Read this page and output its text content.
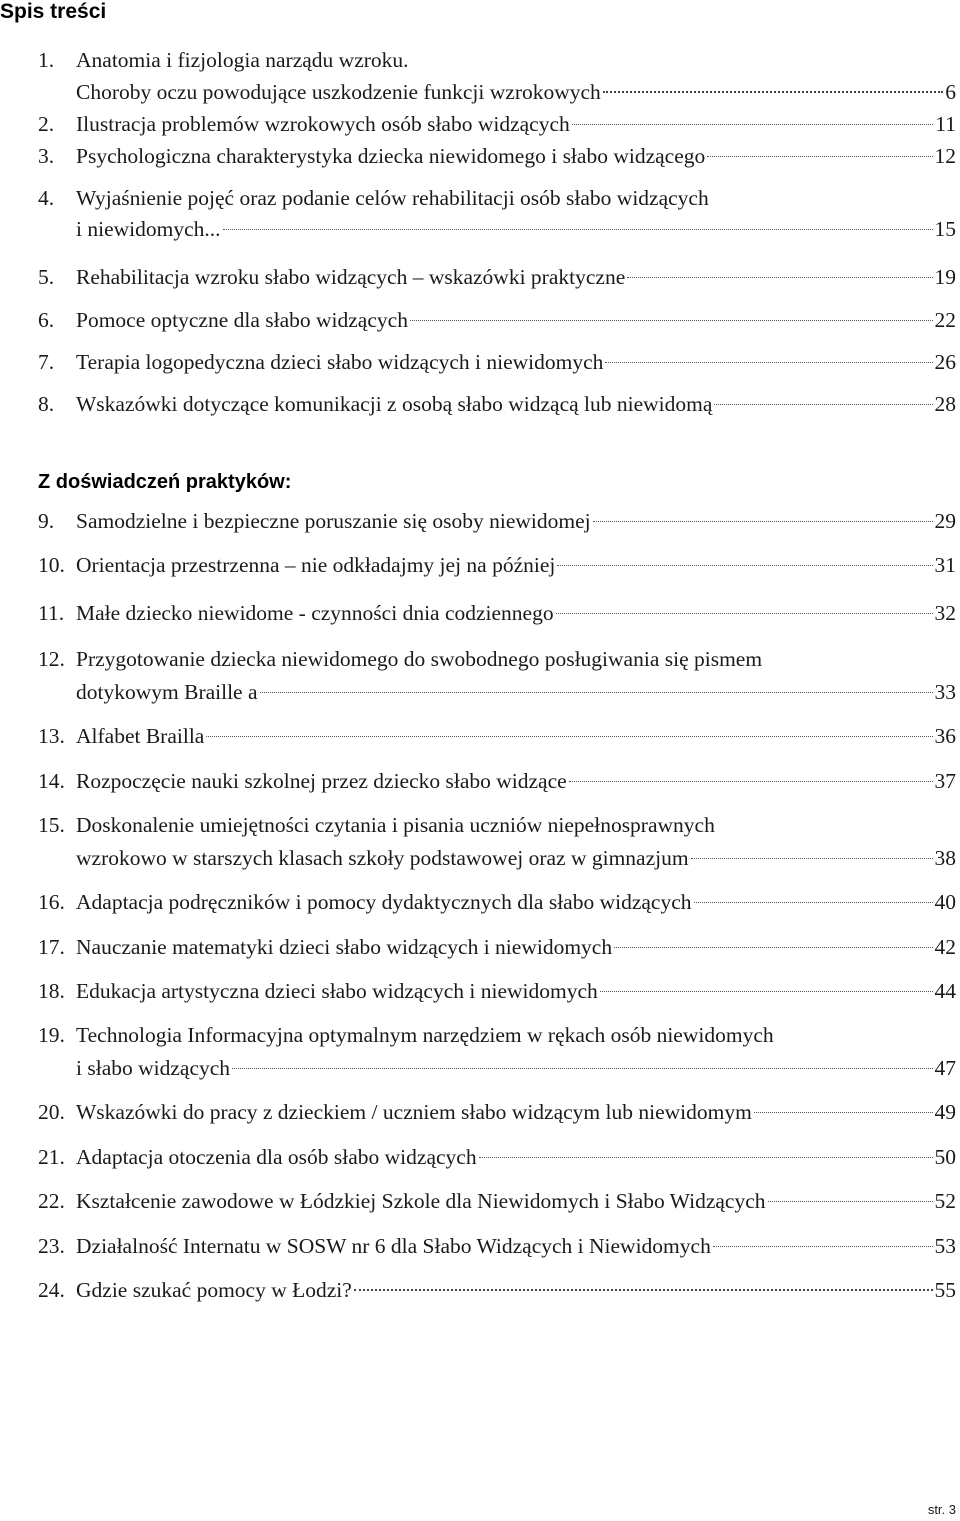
Spis treści
1.	Anatomia i fizjologia narządu wzroku.
Choroby oczu powodujące uszkodzenie funkcji wzrokowych	6
2.	Ilustracja problemów wzrokowych osób słabo widzących	11
3.	Psychologiczna charakterystyka dziecka niewidomego i słabo widzącego	12
4.	Wyjaśnienie pojęć oraz podanie celów rehabilitacji osób słabo widzących
i niewidomych...	15
5.	Rehabilitacja wzroku słabo widzących – wskazówki praktyczne	19
6.	Pomoce optyczne dla słabo widzących	22
7.	Terapia logopedyczna dzieci słabo widzących i niewidomych	26
8.	Wskazówki dotyczące komunikacji z osobą słabo widzącą lub niewidomą	28
Z doświadczeń praktyków:
9.	Samodzielne i bezpieczne poruszanie się osoby niewidomej	29
10. Orientacja przestrzenna – nie odkładajmy jej na później	31
11. Małe dziecko niewidome - czynności dnia codziennego	32
12. Przygotowanie dziecka niewidomego do swobodnego posługiwania się pismem
dotykowym Braille a	33
13. Alfabet Brailla	36
14. Rozpoczęcie nauki szkolnej przez dziecko słabo widzące	37
15. Doskonalenie umiejętności czytania i pisania uczniów niepełnosprawnych
wzrokowo w starszych klasach szkoły podstawowej oraz w gimnazjum	38
16. Adaptacja podręczników i pomocy dydaktycznych dla słabo widzących	40
17. Nauczanie matematyki dzieci słabo widzących i niewidomych	42
18. Edukacja artystyczna dzieci słabo widzących i niewidomych	44
19. Technologia Informacyjna optymalnym narzędziem w rękach osób niewidomych
i słabo widzących	47
20. Wskazówki do pracy z dzieckiem / uczniem słabo widzącym lub niewidomym	49
21. Adaptacja otoczenia dla osób słabo widzących	50
22. Kształcenie zawodowe w Łódzkiej Szkole dla Niewidomych i Słabo Widzących	52
23. Działalność Internatu w SOSW nr 6 dla Słabo Widzących i Niewidomych	53
24. Gdzie szukać pomocy w Łodzi?	55
str. 3
